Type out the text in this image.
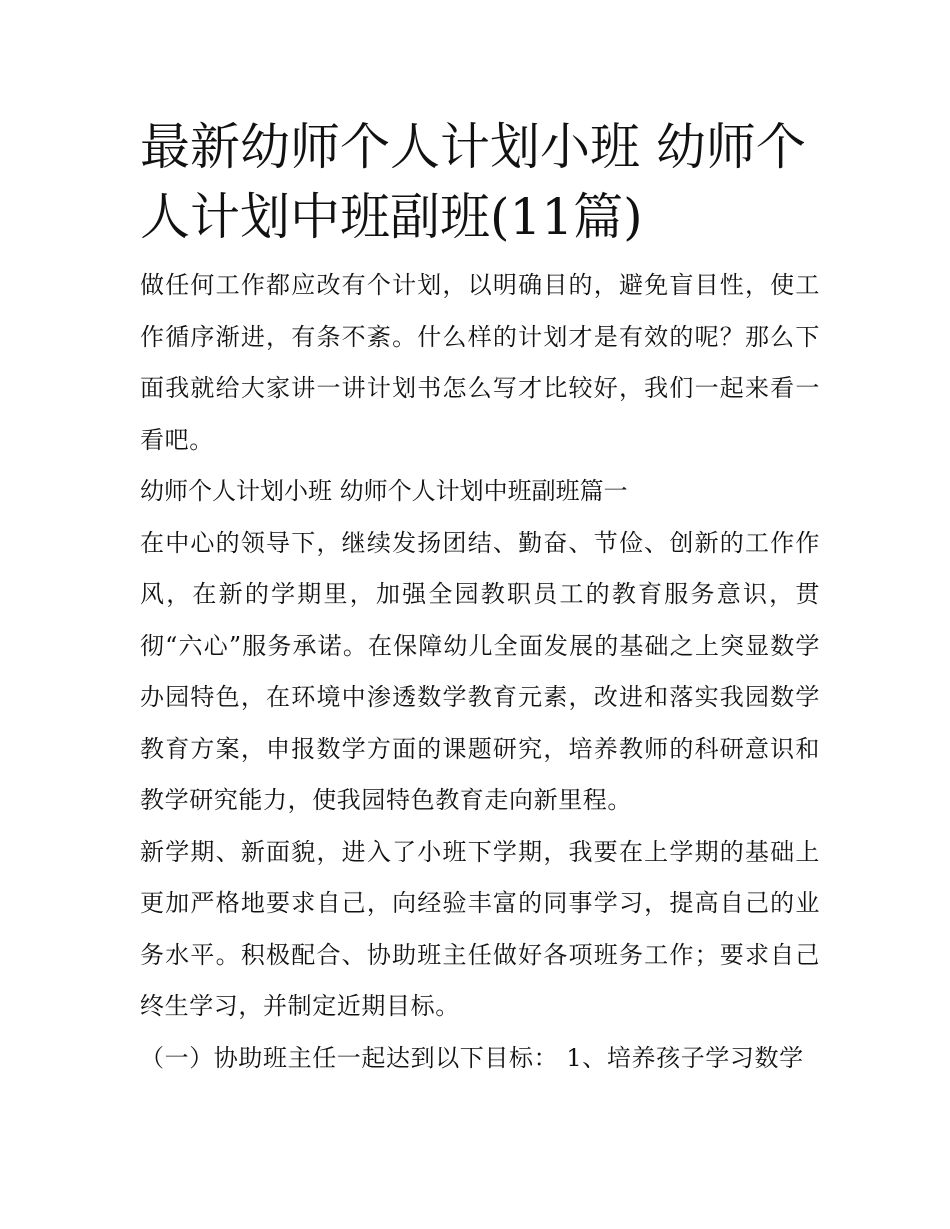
最新幼师个人计划小班 幼师个人计划中班副班(11篇)

做任何工作都应改有个计划，以明确目的，避免盲目性，使工作循序渐进，有条不紊。什么样的计划才是有效的呢？那么下面我就给大家讲一讲计划书怎么写才比较好，我们一起来看一看吧。

幼师个人计划小班 幼师个人计划中班副班篇一

在中心的领导下，继续发扬团结、勤奋、节俭、创新的工作作风，在新的学期里，加强全园教职员工的教育服务意识，贯彻“六心”服务承诺。在保障幼儿全面发展的基础之上突显数学办园特色，在环境中渗透数学教育元素，改进和落实我园数学教育方案，申报数学方面的课题研究，培养教师的科研意识和教学研究能力，使我园特色教育走向新里程。

新学期、新面貌，进入了小班下学期，我要在上学期的基础上更加严格地要求自己，向经验丰富的同事学习，提高自己的业务水平。积极配合、协助班主任做好各项班务工作；要求自己终生学习，并制定近期目标。

（一）协助班主任一起达到以下目标： 1、培养孩子学习数学
